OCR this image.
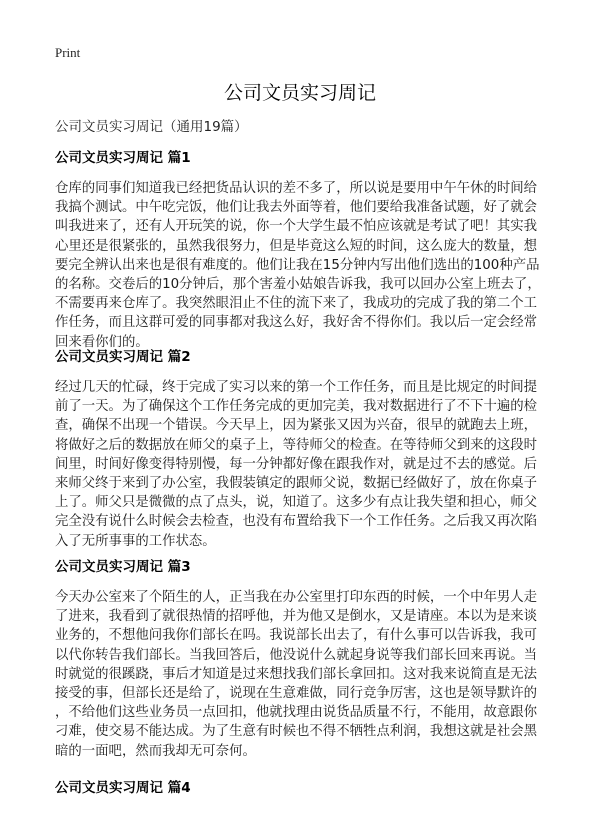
Print
公司文员实习周记
公司文员实习周记（通用19篇）
公司文员实习周记 篇1
仓库的同事们知道我已经把货品认识的差不多了，所以说是要用中午午休的时间给
我搞个测试。中午吃完饭，他们让我去外面等着，他们要给我准备试题，好了就会
叫我进来了，还有人开玩笑的说，你一个大学生最不怕应该就是考试了吧！其实我
心里还是很紧张的，虽然我很努力，但是毕竟这么短的时间，这么庞大的数量，想
要完全辨认出来也是很有难度的。他们让我在15分钟内写出他们选出的100种产品
的名称。交卷后的10分钟后，那个害羞小姑娘告诉我，我可以回办公室上班去了，
不需要再来仓库了。我突然眼泪止不住的流下来了，我成功的完成了我的第二个工
作任务，而且这群可爱的同事都对我这么好，我好舍不得你们。我以后一定会经常
回来看你们的。
公司文员实习周记 篇2
经过几天的忙碌，终于完成了实习以来的第一个工作任务，而且是比规定的时间提
前了一天。为了确保这个工作任务完成的更加完美，我对数据进行了不下十遍的检
查，确保不出现一个错误。今天早上，因为紧张又因为兴奋，很早的就跑去上班，
将做好之后的数据放在师父的桌子上，等待师父的检查。在等待师父到来的这段时
间里，时间好像变得特别慢，每一分钟都好像在跟我作对，就是过不去的感觉。后
来师父终于来到了办公室，我假装镇定的跟师父说，数据已经做好了，放在你桌子
上了。师父只是微微的点了点头，说，知道了。这多少有点让我失望和担心，师父
完全没有说什么时候会去检查，也没有布置给我下一个工作任务。之后我又再次陷
入了无所事事的工作状态。
公司文员实习周记 篇3
今天办公室来了个陌生的人，正当我在办公室里打印东西的时候，一个中年男人走
了进来，我看到了就很热情的招呼他，并为他又是倒水，又是请座。本以为是来谈
业务的，不想他问我你们部长在吗。我说部长出去了，有什么事可以告诉我，我可
以代你转告我们部长。当我回答后，他没说什么就起身说等我们部长回来再说。当
时就觉的很蹊跷，事后才知道是过来想找我们部长拿回扣。这对我来说简直是无法
接受的事，但部长还是给了，说现在生意难做，同行竞争厉害，这也是领导默许的
，不给他们这些业务员一点回扣，他就找理由说货品质量不行，不能用，故意跟你
刁难，使交易不能达成。为了生意有时候也不得不牺牲点利润，我想这就是社会黑
暗的一面吧，然而我却无可奈何。
公司文员实习周记 篇4
